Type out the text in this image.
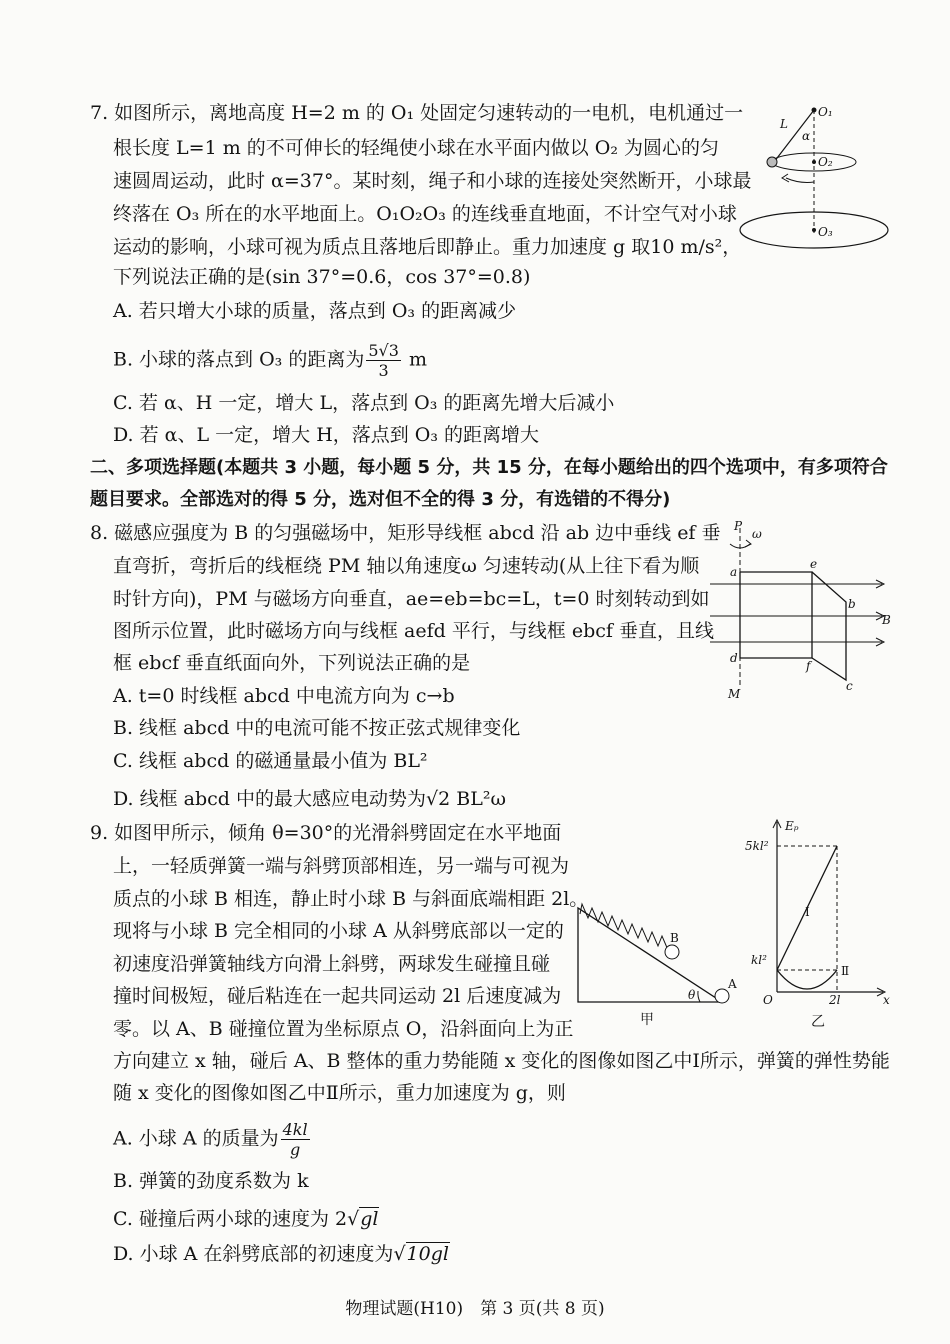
7. 如图所示，离地高度 H=2 m 的 O₁ 处固定匀速转动的一电机，电机通过一
根长度 L=1 m 的不可伸长的轻绳使小球在水平面内做以 O₂ 为圆心的匀
速圆周运动，此时 α=37°。某时刻，绳子和小球的连接处突然断开，小球最
终落在 O₃ 所在的水平地面上。O₁O₂O₃ 的连线垂直地面，不计空气对小球
运动的影响，小球可视为质点且落地后即静止。重力加速度 g 取10 m/s²，
下列说法正确的是(sin 37°=0.6，cos 37°=0.8)
A. 若只增大小球的质量，落点到 O₃ 的距离减少
B. 小球的落点到 O₃ 的距离为 $\frac{5√3}{3}$ m
C. 若 α、H 一定，增大 L，落点到 O₃ 的距离先增大后减小
D. 若 α、L 一定，增大 H，落点到 O₃ 的距离增大
O₁
O₂
O₃
L
α
二、多项选择题(本题共 3 小题，每小题 5 分，共 15 分，在每小题给出的四个选项中，有多项符合
题目要求。全部选对的得 5 分，选对但不全的得 3 分，有选错的不得分)
8. 磁感应强度为 B 的匀强磁场中，矩形导线框 abcd 沿 ab 边中垂线 ef 垂
直弯折，弯折后的线框绕 PM 轴以角速度ω 匀速转动(从上往下看为顺
时针方向)，PM 与磁场方向垂直，ae=eb=bc=L，t=0 时刻转动到如
图所示位置，此时磁场方向与线框 aefd 平行，与线框 ebcf 垂直，且线
框 ebcf 垂直纸面向外，下列说法正确的是
A. t=0 时线框 abcd 中电流方向为 c→b
B. 线框 abcd 中的电流可能不按正弦式规律变化
C. 线框 abcd 的磁通量最小值为 BL²
D. 线框 abcd 中的最大感应电动势为√2 BL²ω
P
ω
a
e
b
d
f
c
B
M
9. 如图甲所示，倾角 θ=30°的光滑斜劈固定在水平地面
上，一轻质弹簧一端与斜劈顶部相连，另一端与可视为
质点的小球 B 相连，静止时小球 B 与斜面底端相距 2l。
现将与小球 B 完全相同的小球 A 从斜劈底部以一定的
初速度沿弹簧轴线方向滑上斜劈，两球发生碰撞且碰
撞时间极短，碰后粘连在一起共同运动 2l 后速度减为
零。以 A、B 碰撞位置为坐标原点 O，沿斜面向上为正
方向建立 x 轴，碰后 A、B 整体的重力势能随 x 变化的图像如图乙中Ⅰ所示，弹簧的弹性势能
随 x 变化的图像如图乙中Ⅱ所示，重力加速度为 g，则
A. 小球 A 的质量为 $\frac{4kl}{g}$
B. 弹簧的劲度系数为 k
C. 碰撞后两小球的速度为 2√gl
D. 小球 A 在斜劈底部的初速度为√10gl
B
A
θ
甲
Eₚ
5kl²
kl²
O	2l	x
Ⅰ
Ⅱ
乙
物理试题(H10)　第 3 页(共 8 页)
